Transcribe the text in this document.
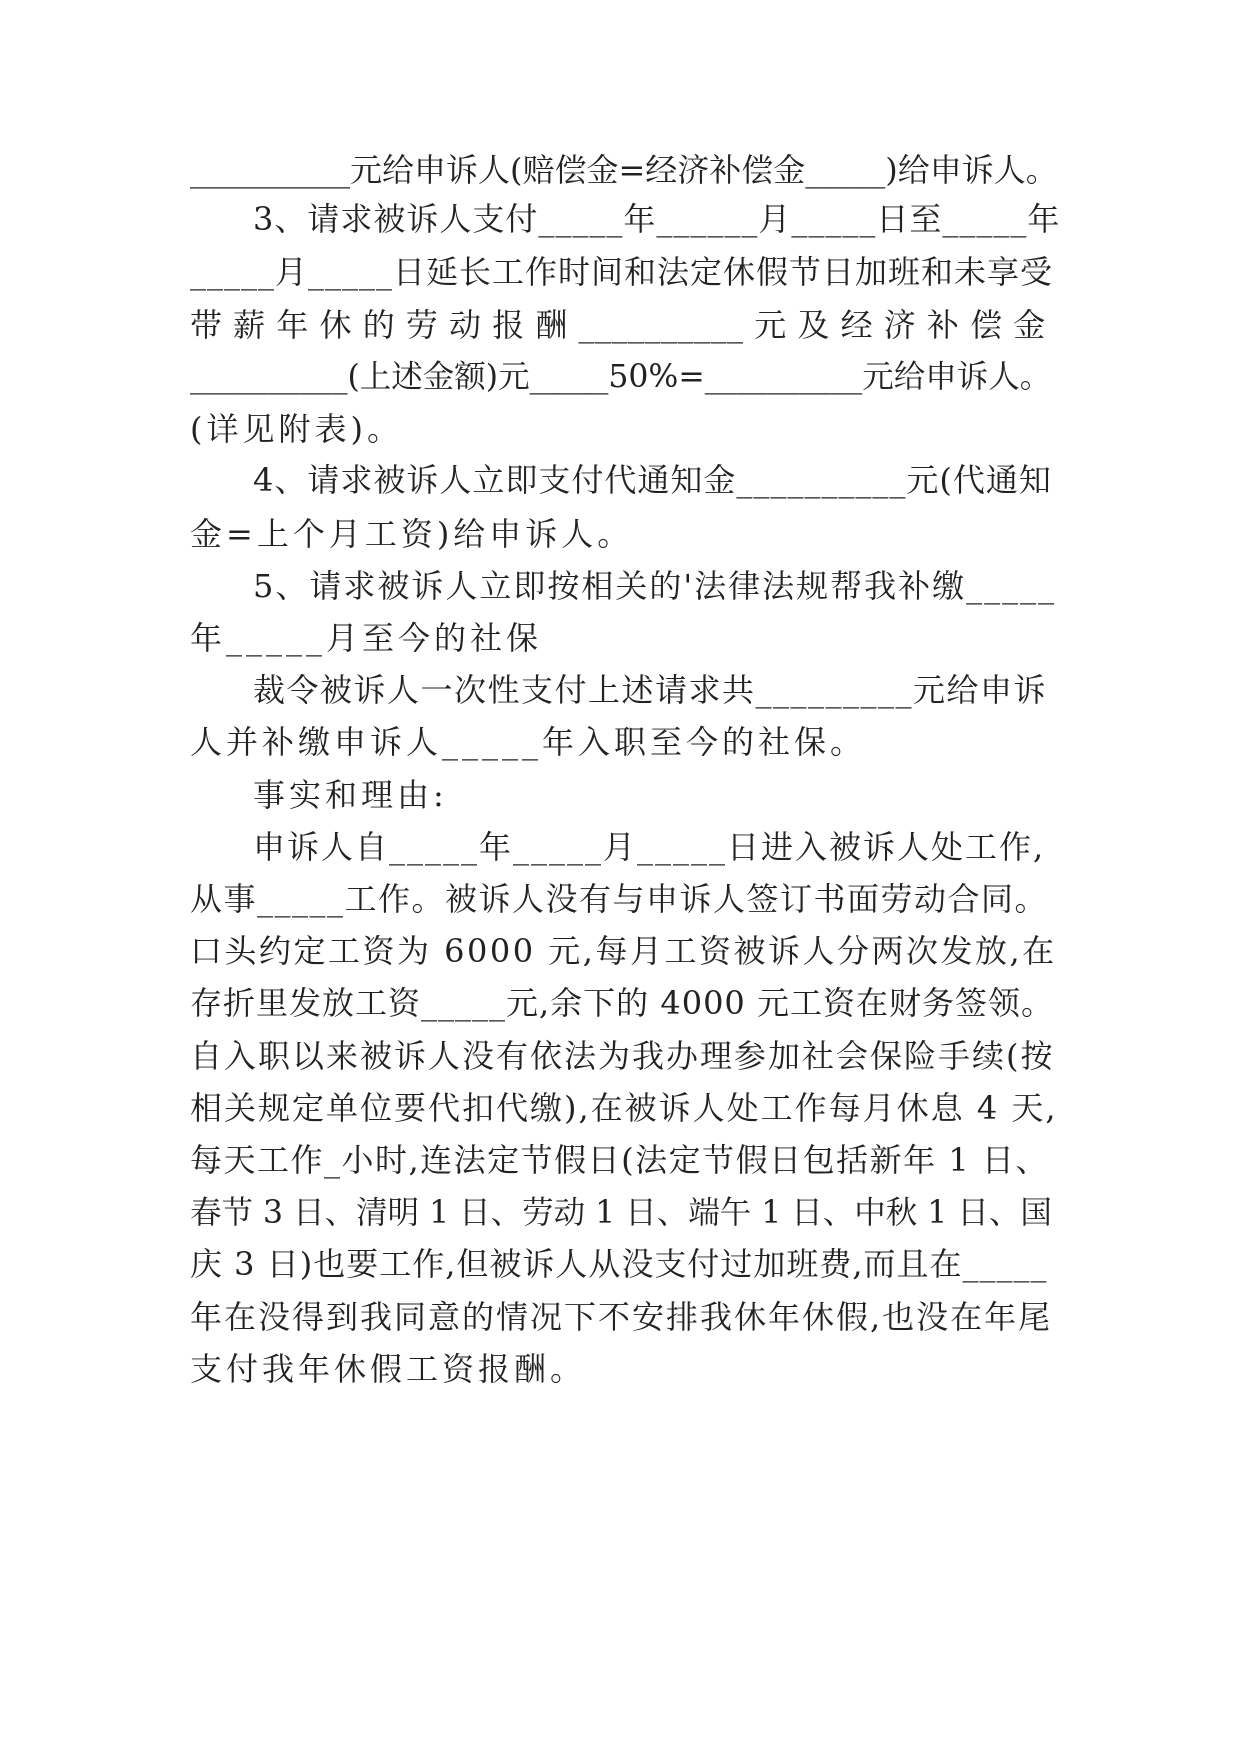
__________元给申诉人(赔偿金=经济补偿金_____)给申诉人。
3、请求被诉人支付_____年______月_____日至_____年
_____月_____日延长工作时间和法定休假节日加班和未享受
带 薪 年 休 的 劳 动 报 酬 __________ 元 及 经 济 补 偿 金
__________(上述金额)元_____50%=__________元给申诉人。
(详见附表)。
4、请求被诉人立即支付代通知金__________元(代通知
金=上个月工资)给申诉人。
5、请求被诉人立即按相关的'法律法规帮我补缴_____
年_____月至今的社保
裁令被诉人一次性支付上述请求共_________元给申诉
人并补缴申诉人_____年入职至今的社保。
事实和理由:
申诉人自_____年_____月_____日进入被诉人处工作,
从事_____工作。被诉人没有与申诉人签订书面劳动合同。
口头约定工资为 6000 元,每月工资被诉人分两次发放,在
存折里发放工资_____元,余下的 4000 元工资在财务签领。
自入职以来被诉人没有依法为我办理参加社会保险手续(按
相关规定单位要代扣代缴),在被诉人处工作每月休息 4 天,
每天工作_小时,连法定节假日(法定节假日包括新年 1 日、
春节 3 日、清明 1 日、劳动 1 日、端午 1 日、中秋 1 日、国
庆 3 日)也要工作,但被诉人从没支付过加班费,而且在_____
年在没得到我同意的情况下不安排我休年休假,也没在年尾
支付我年休假工资报酬。
